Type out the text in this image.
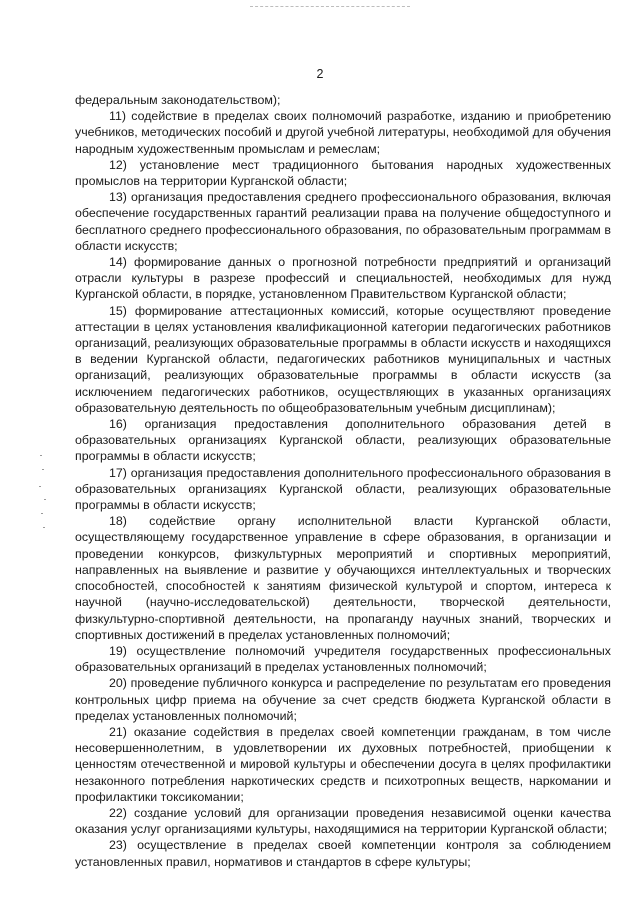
2

федеральным законодательством);

11) содействие в пределах своих полномочий разработке, изданию и приобретению учебников, методических пособий и другой учебной литературы, необходимой для обучения народным художественным промыслам и ремеслам;

12) установление мест традиционного бытования народных художественных промыслов на территории Курганской области;

13) организация предоставления среднего профессионального образования, включая обеспечение государственных гарантий реализации права на получение общедоступного и бесплатного среднего профессионального образования, по образовательным программам в области искусств;

14) формирование данных о прогнозной потребности предприятий и организаций отрасли культуры в разрезе профессий и специальностей, необходимых для нужд Курганской области, в порядке, установленном Правительством Курганской области;

15) формирование аттестационных комиссий, которые осуществляют проведение аттестации в целях установления квалификационной категории педагогических работников организаций, реализующих образовательные программы в области искусств и находящихся в ведении Курганской области, педагогических работников муниципальных и частных организаций, реализующих образовательные программы в области искусств (за исключением педагогических работников, осуществляющих в указанных организациях образовательную деятельность по общеобразовательным учебным дисциплинам);

16) организация предоставления дополнительного образования детей в образовательных организациях Курганской области, реализующих образовательные программы в области искусств;

17) организация предоставления дополнительного профессионального образования в образовательных организациях Курганской области, реализующих образовательные программы в области искусств;

18) содействие органу исполнительной власти Курганской области, осуществляющему государственное управление в сфере образования, в организации и проведении конкурсов, физкультурных мероприятий и спортивных мероприятий, направленных на выявление и развитие у обучающихся интеллектуальных и творческих способностей, способностей к занятиям физической культурой и спортом, интереса к научной (научно-исследовательской) деятельности, творческой деятельности, физкультурно-спортивной деятельности, на пропаганду научных знаний, творческих и спортивных достижений в пределах установленных полномочий;

19) осуществление полномочий учредителя государственных профессиональных образовательных организаций в пределах установленных полномочий;

20) проведение публичного конкурса и распределение по результатам его проведения контрольных цифр приема на обучение за счет средств бюджета Курганской области в пределах установленных полномочий;

21) оказание содействия в пределах своей компетенции гражданам, в том числе несовершеннолетним, в удовлетворении их духовных потребностей, приобщении к ценностям отечественной и мировой культуры и обеспечении досуга в целях профилактики незаконного потребления наркотических средств и психотропных веществ, наркомании и профилактики токсикомании;

22) создание условий для организации проведения независимой оценки качества оказания услуг организациями культуры, находящимися на территории Курганской области;

23) осуществление в пределах своей компетенции контроля за соблюдением установленных правил, нормативов и стандартов в сфере культуры;
